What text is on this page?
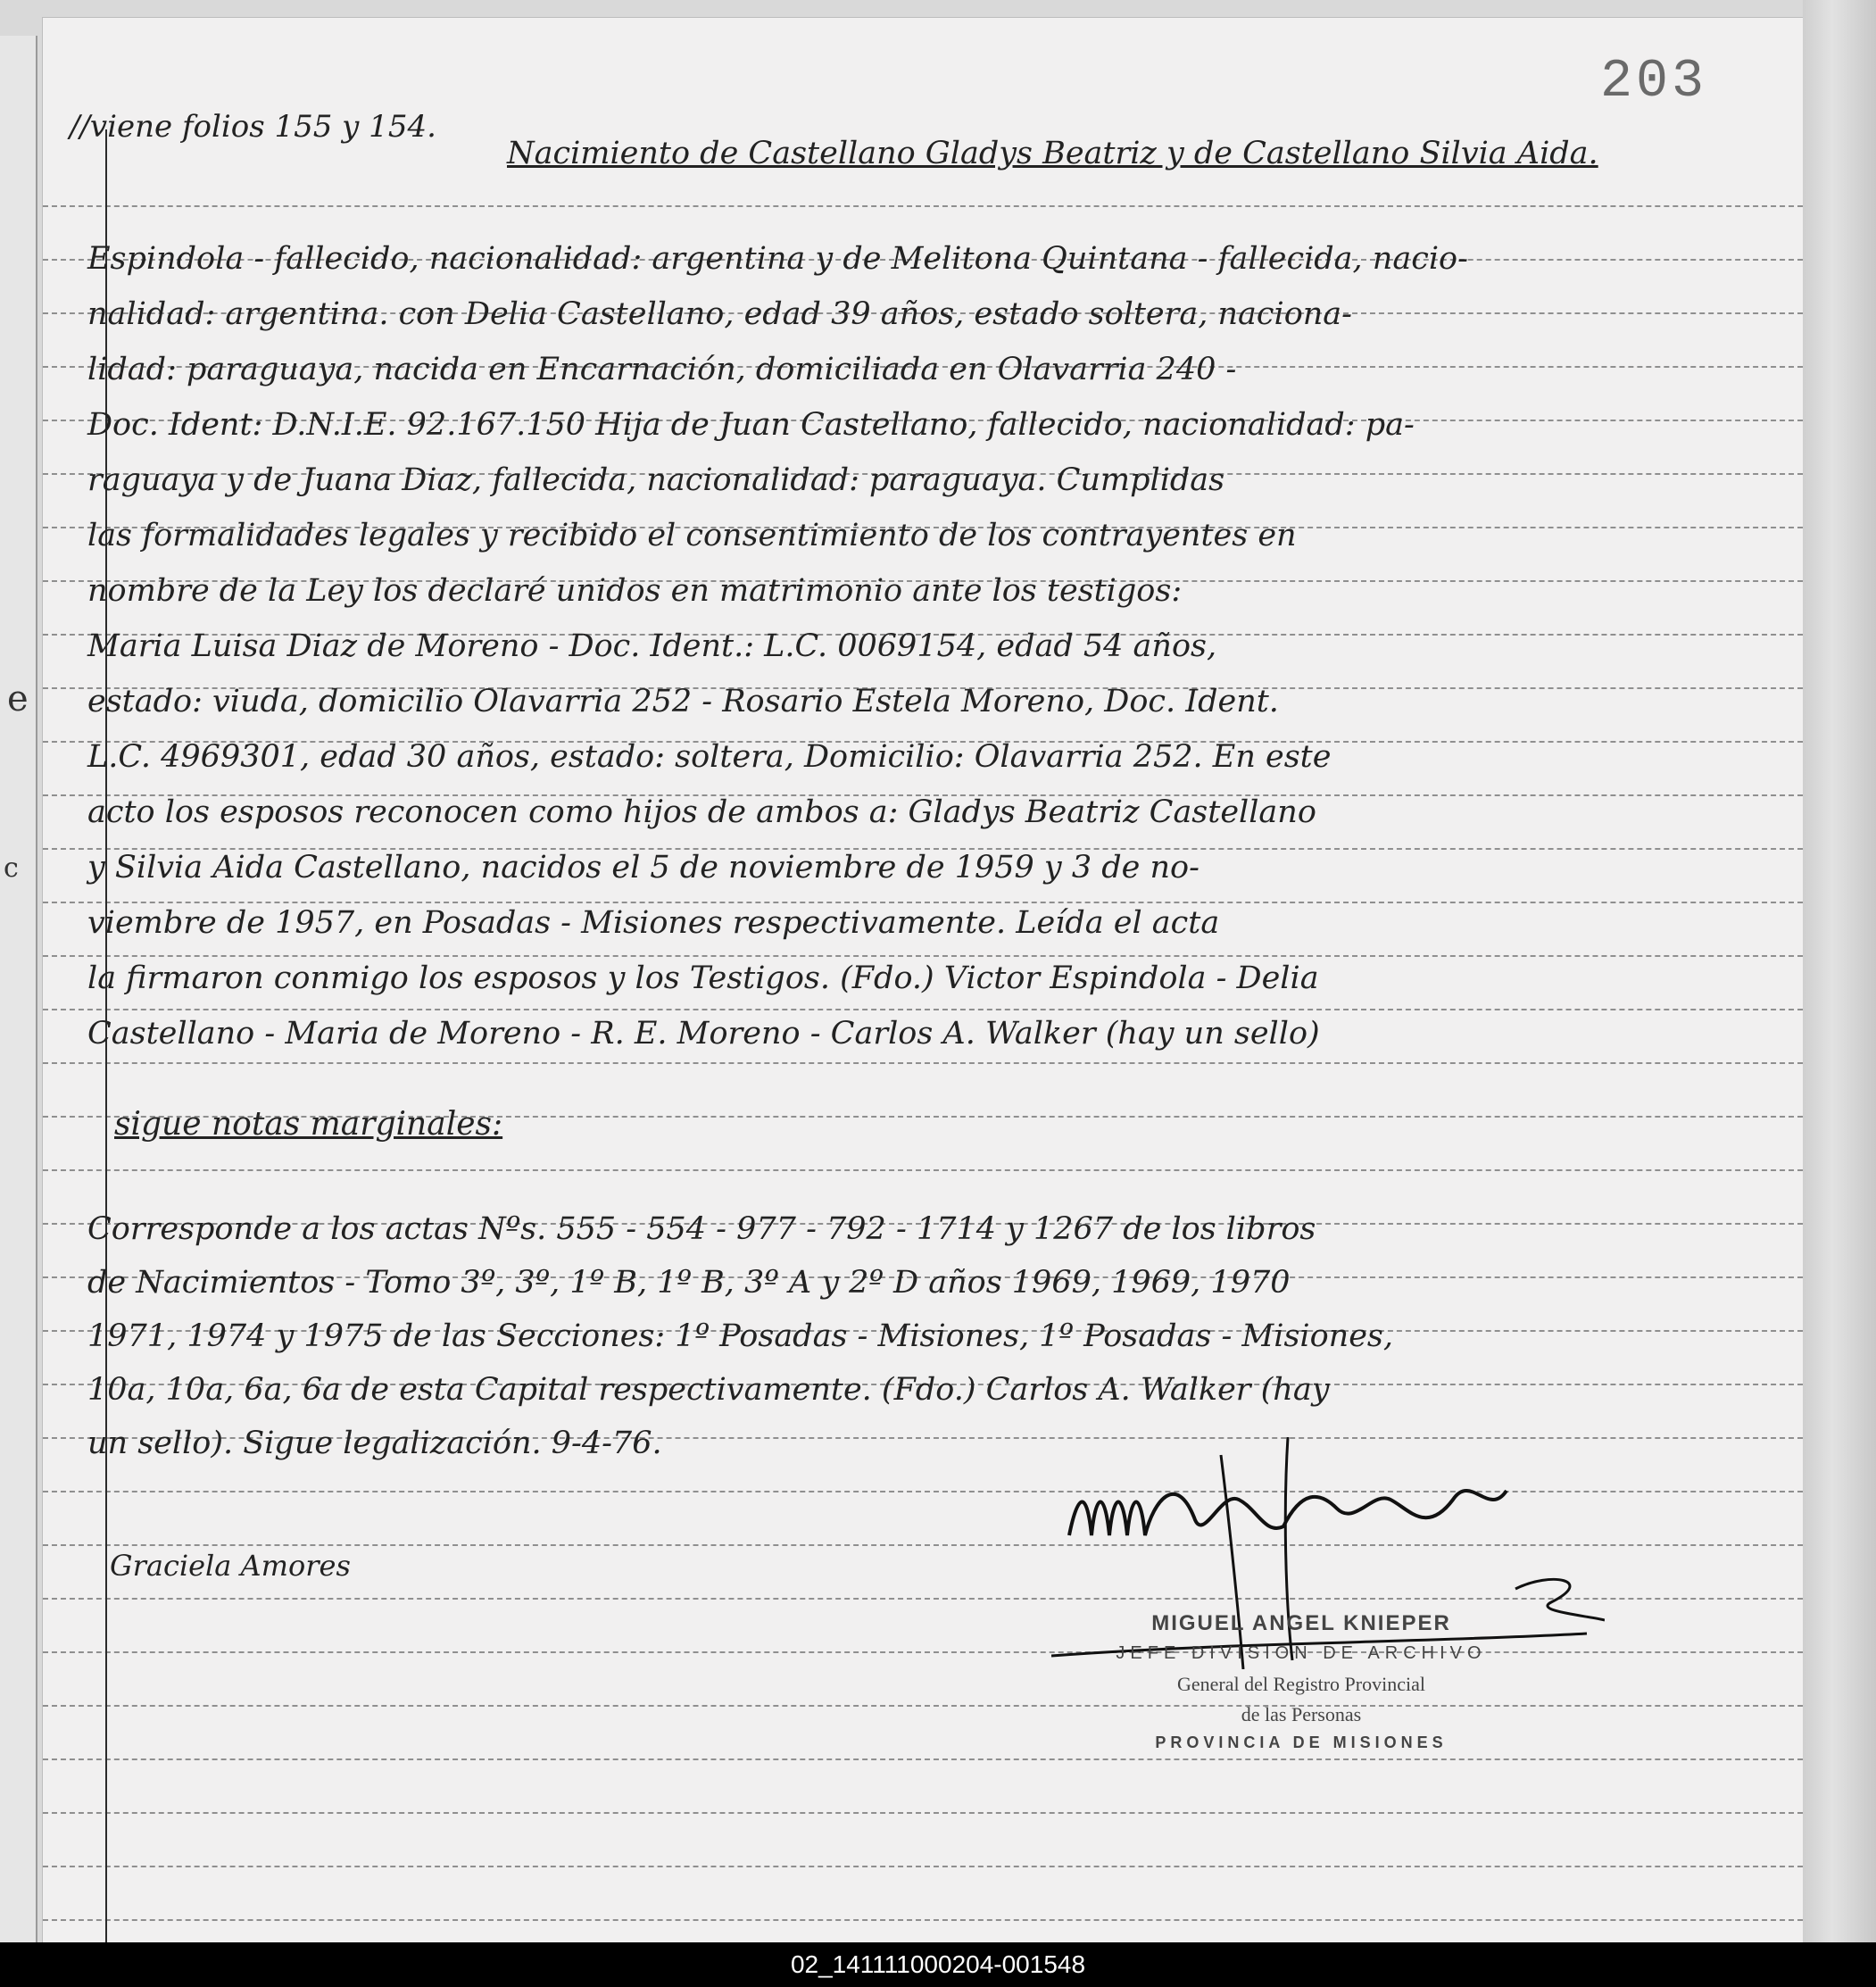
e
c
203
//viene folios 155 y 154.
Nacimiento de Castellano Gladys Beatriz y de Castellano Silvia Aida.
Espindola - fallecido, nacionalidad: argentina y de Melitona Quintana - fallecida, nacio-
nalidad: argentina. con Delia Castellano, edad 39 años, estado soltera, naciona-
lidad: paraguaya, nacida en Encarnación, domiciliada en Olavarria 240 -
Doc. Ident: D.N.I.E. 92.167.150 Hija de Juan Castellano, fallecido, nacionalidad: pa-
raguaya y de Juana Diaz, fallecida, nacionalidad: paraguaya. Cumplidas
las formalidades legales y recibido el consentimiento de los contrayentes en
nombre de la Ley los declaré unidos en matrimonio ante los testigos:
Maria Luisa Diaz de Moreno - Doc. Ident.: L.C. 0069154, edad 54 años,
estado: viuda, domicilio Olavarria 252 - Rosario Estela Moreno, Doc. Ident.
L.C. 4969301, edad 30 años, estado: soltera, Domicilio: Olavarria 252. En este
acto los esposos reconocen como hijos de ambos a: Gladys Beatriz Castellano
y Silvia Aida Castellano, nacidos el 5 de noviembre de 1959 y 3 de no-
viembre de 1957, en Posadas - Misiones respectivamente. Leída el acta
la firmaron conmigo los esposos y los Testigos. (Fdo.) Victor Espindola - Delia
Castellano - Maria de Moreno - R. E. Moreno - Carlos A. Walker (hay un sello)
sigue notas marginales:
Corresponde a los actas Nºs. 555 - 554 - 977 - 792 - 1714 y 1267 de los libros
de Nacimientos - Tomo 3º, 3º, 1º B, 1º B, 3º A y 2º D años 1969, 1969, 1970
1971, 1974 y 1975 de las Secciones: 1º Posadas - Misiones, 1º Posadas - Misiones,
10a, 10a, 6a, 6a de esta Capital respectivamente. (Fdo.) Carlos A. Walker (hay
un sello). Sigue legalización. 9-4-76.
Graciela Amores
MIGUEL ANGEL KNIEPER
JEFE DIVISION DE ARCHIVO
General del Registro Provincial
de las Personas
PROVINCIA DE MISIONES
02_141111000204-001548
